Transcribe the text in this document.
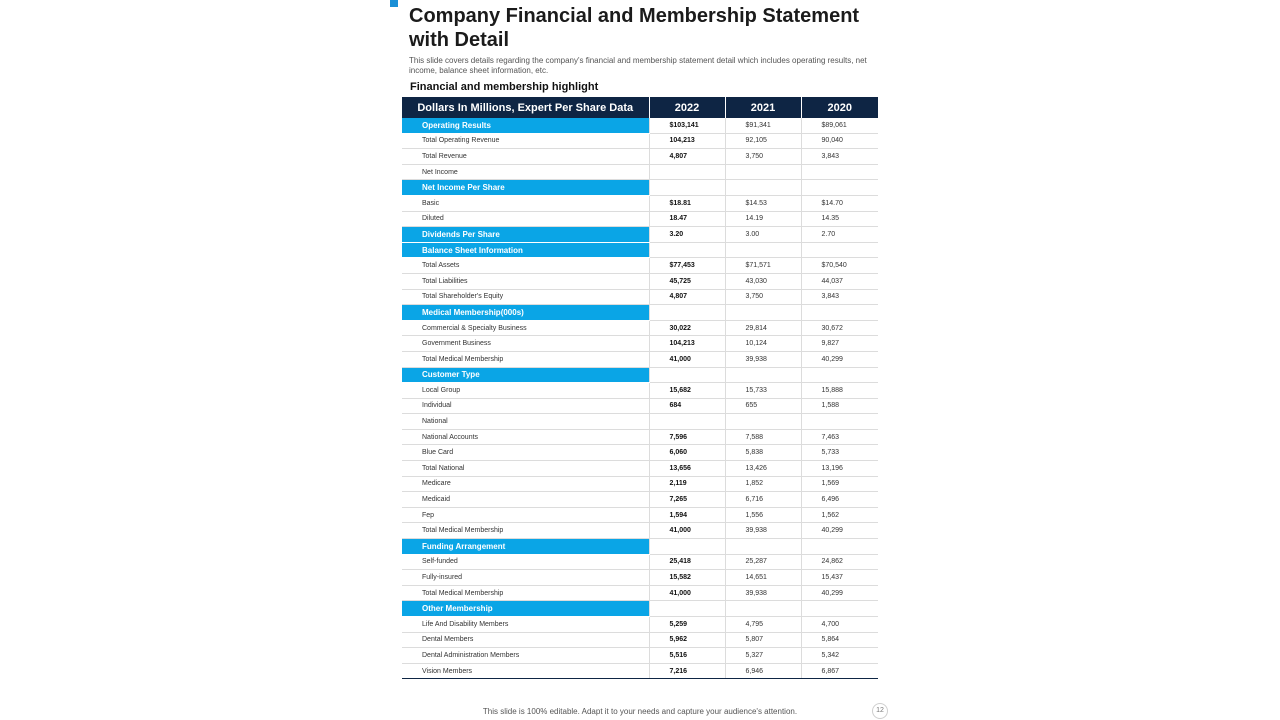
Company Financial and Membership Statement with Detail
This slide covers details regarding the company's financial and membership statement detail which includes operating results, net income, balance sheet information, etc.
Financial and membership highlight
Dollars In Millions, Expert Per Share Data	2022	2021	2020
Operating Results	$103,141	$91,341	$89,061
Total Operating Revenue	104,213	92,105	90,040
Total Revenue	4,807	3,750	3,843
Net Income			
Net Income Per Share			
Basic	$18.81	$14.53	$14.70
Diluted	18.47	14.19	14.35
Dividends Per Share	3.20	3.00	2.70
Balance Sheet Information			
Total Assets	$77,453	$71,571	$70,540
Total Liabilities	45,725	43,030	44,037
Total Shareholder's Equity	4,807	3,750	3,843
Medical Membership(000s)			
Commercial & Specialty Business	30,022	29,814	30,672
Government Business	104,213	10,124	9,827
Total Medical Membership	41,000	39,938	40,299
Customer Type			
Local Group	15,682	15,733	15,888
Individual	684	655	1,588
National			
National Accounts	7,596	7,588	7,463
Blue Card	6,060	5,838	5,733
Total National	13,656	13,426	13,196
Medicare	2,119	1,852	1,569
Medicaid	7,265	6,716	6,496
Fep	1,594	1,556	1,562
Total Medical Membership	41,000	39,938	40,299
Funding Arrangement			
Self-funded	25,418	25,287	24,862
Fully-insured	15,582	14,651	15,437
Total Medical Membership	41,000	39,938	40,299
Other Membership			
Life And Disability Members	5,259	4,795	4,700
Dental Members	5,962	5,807	5,864
Dental Administration Members	5,516	5,327	5,342
Vision Members	7,216	6,946	6,867
This slide is 100% editable. Adapt it to your needs and capture your audience's attention.	12
